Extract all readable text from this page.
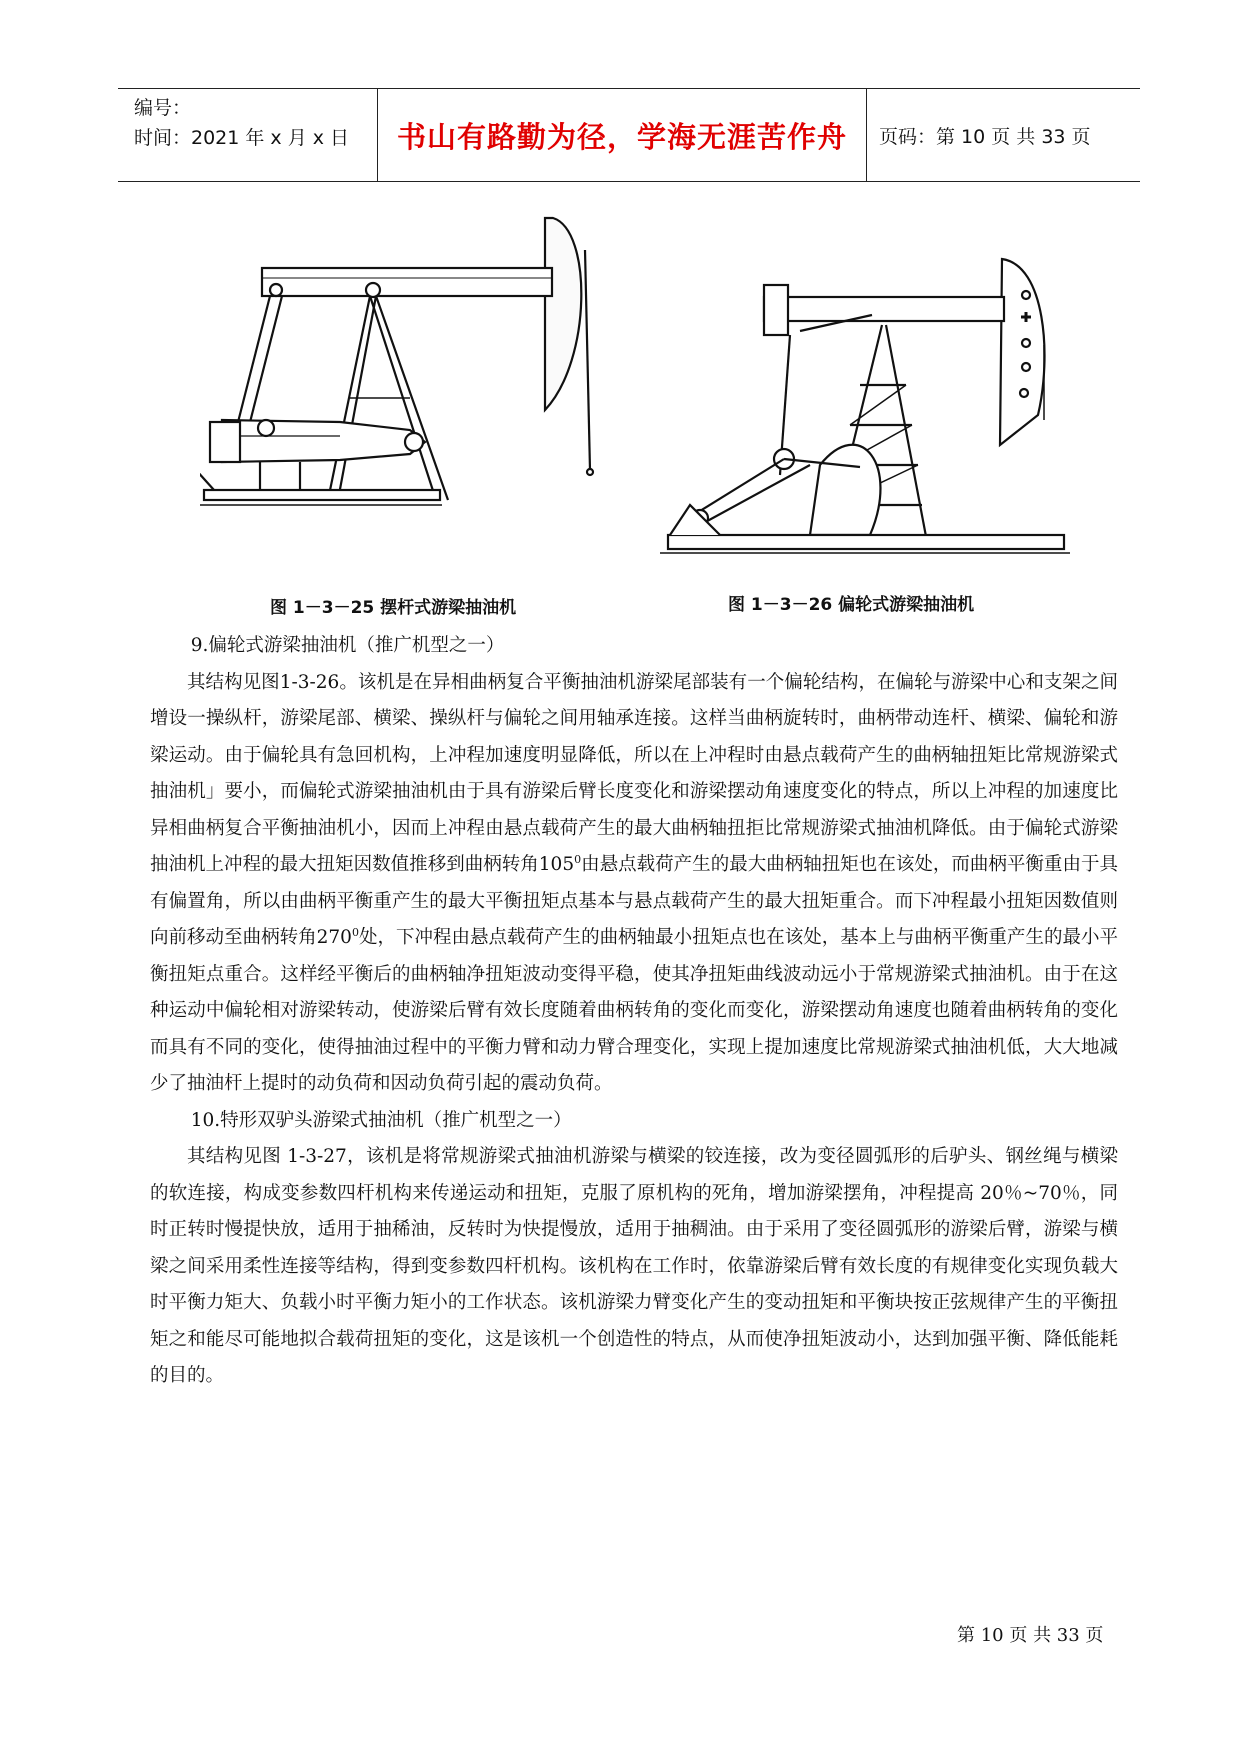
编号：
时间：2021 年 x 月 x 日	书山有路勤为径，学海无涯苦作舟	页码：第 10 页 共 33 页
图 1－3－25 摆杆式游梁抽油机	图 1－3－26 偏轮式游梁抽油机

9.偏轮式游梁抽油机（推广机型之一）

其结构见图1-3-26。该机是在异相曲柄复合平衡抽油机游梁尾部装有一个偏轮结构，在偏轮与游梁中心和支架之间增设一操纵杆，游梁尾部、横梁、操纵杆与偏轮之间用轴承连接。这样当曲柄旋转时，曲柄带动连杆、横梁、偏轮和游梁运动。由于偏轮具有急回机构，上冲程加速度明显降低，所以在上冲程时由悬点载荷产生的曲柄轴扭矩比常规游梁式抽油机」要小，而偏轮式游梁抽油机由于具有游梁后臂长度变化和游梁摆动角速度变化的特点，所以上冲程的加速度比异相曲柄复合平衡抽油机小，因而上冲程由悬点载荷产生的最大曲柄轴扭拒比常规游梁式抽油机降低。由于偏轮式游梁抽油机上冲程的最大扭矩因数值推移到曲柄转角$105^0$由悬点载荷产生的最大曲柄轴扭矩也在该处，而曲柄平衡重由于具有偏置角，所以由曲柄平衡重产生的最大平衡扭矩点基本与悬点载荷产生的最大扭矩重合。而下冲程最小扭矩因数值则向前移动至曲柄转角$270^0$处，下冲程由悬点载荷产生的曲柄轴最小扭矩点也在该处，基本上与曲柄平衡重产生的最小平衡扭矩点重合。这样经平衡后的曲柄轴净扭矩波动变得平稳，使其净扭矩曲线波动远小于常规游梁式抽油机。由于在这种运动中偏轮相对游梁转动，使游梁后臂有效长度随着曲柄转角的变化而变化，游梁摆动角速度也随着曲柄转角的变化而具有不同的变化，使得抽油过程中的平衡力臂和动力臂合理变化，实现上提加速度比常规游梁式抽油机低，大大地减少了抽油杆上提时的动负荷和因动负荷引起的震动负荷。

10.特形双驴头游梁式抽油机（推广机型之一）

其结构见图 1-3-27，该机是将常规游梁式抽油机游梁与横梁的铰连接，改为变径圆弧形的后驴头、钢丝绳与横梁的软连接，构成变参数四杆机构来传递运动和扭矩，克服了原机构的死角，增加游梁摆角，冲程提高 20％~70％，同时正转时慢提快放，适用于抽稀油，反转时为快提慢放，适用于抽稠油。由于采用了变径圆弧形的游梁后臂，游梁与横梁之间采用柔性连接等结构，得到变参数四杆机构。该机构在工作时，依靠游梁后臂有效长度的有规律变化实现负载大时平衡力矩大、负载小时平衡力矩小的工作状态。该机游梁力臂变化产生的变动扭矩和平衡块按正弦规律产生的平衡扭矩之和能尽可能地拟合载荷扭矩的变化，这是该机一个创造性的特点，从而使净扭矩波动小，达到加强平衡、降低能耗的目的。

第 10 页 共 33 页
